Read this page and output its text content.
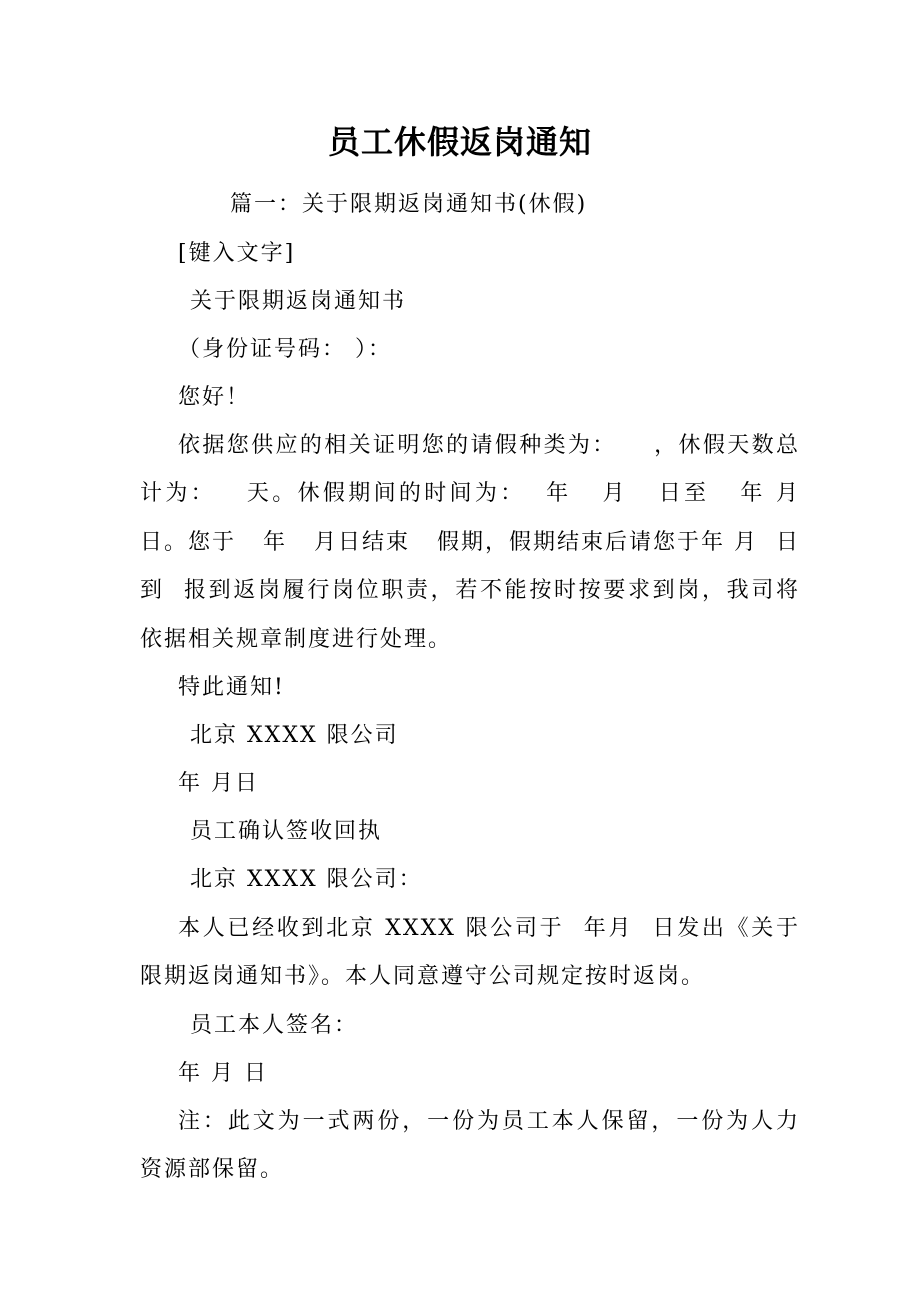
员工休假返岗通知
篇一：关于限期返岗通知书(休假)
[键入文字]
关于限期返岗通知书
（身份证号码： ）：
您好！
依据您供应的相关证明您的请假种类为：    ，休假天数总计为：   天。休假期间的时间为：  年   月   日至   年 月   日。您于   年   月日结束   假期，假期结束后请您于年 月  日到  报到返岗履行岗位职责，若不能按时按要求到岗，我司将依据相关规章制度进行处理。
特此通知!
北京 XXXX 限公司
年 月日
员工确认签收回执
北京 XXXX 限公司：
本人已经收到北京 XXXX 限公司于  年月  日发出《关于限期返岗通知书》。本人同意遵守公司规定按时返岗。
员工本人签名：
年 月 日
注：此文为一式两份，一份为员工本人保留，一份为人力资源部保留。
